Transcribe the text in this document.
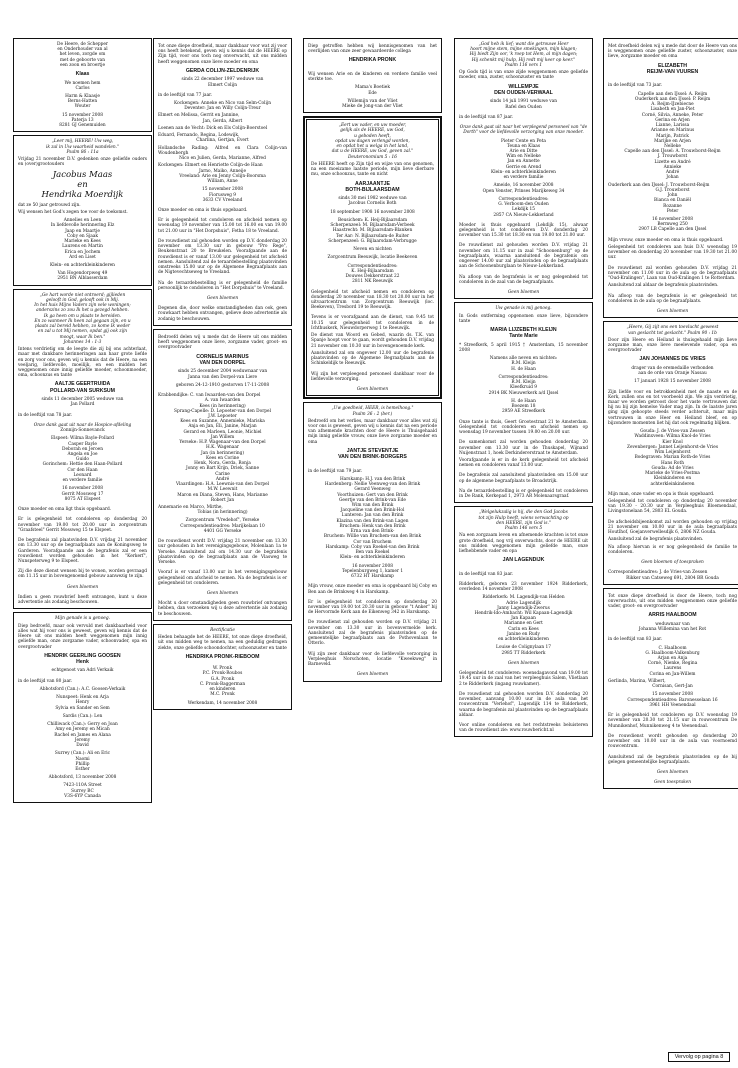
De Heere, de Schepper
en Onderhouder van al
het leven, zorgde om
met de geboorte van
een zoon en broertje
Klaas
We noemen hem
Carlos
Harm & Klaasje
Berns-Hatten
Wouter
15 november 2008
Paterja 13
8281 GJ Genemuiden
„Leer mij, HEERE! Uw weg,
ik zal in Uw waarheid wandelen."
Psalm 86 : 11a
Vrijdag 21 november D.V. gedenken onze geliefde ouders en (over)grootouders
Jacobus Maas
en
Hendrika Moerdijk
dat ze 50 jaar getrouwd zijn.
Wij wensen het God's zegen toe voor de toekomst.
Annelies en Leen
In liefdevolle herinnering Elz
Jaap en Maartje
Coby en Sjaak
Marieke en Kees
Laurens en Martin
Erica en Jochem
Ard en Liset
Klein- en achterkleinkinderen
Van Hogendorpweg 49
2951 BN Alblasserdam
„Ge hart worde niet ontroerd; gijlieden
gelooft in God, gelooft ook in Mij.
In het huis Mijns Vaders zijn vele woningen;
anderszins zo zou Ik het u gezegd hebben.
Ik ga heen om u plaats te bereiden.
En zo wanneer Ik heen zal gegaan zijn, en u
plaats zal bereid hebben, zo kome Ik weder
en zal u tot Mij nemen, opdat gij ook zijn
moogt, waar Ik ben."
Johannes 14 : 1-3
Intens verdrietig om de leegte die zij bij ons achterlaat, maar met dankbare herinneringen aan haar grote liefde en zorg voor ons, geven wij u kennis dat de Heere, na een veeljarig, liefdevolle, moeilijk, en een midden het weggenomen onze innig geliefde moeder, schoonmoeder, oma, schoonzus en tante
AALTJE GEERTRUIDA
POLLARD-VAN SURKSUM
sinds 11 december 2005 weduwe van
Jan Pollard
in de leeftijd van 78 jaar.
Onze dank gaat uit naar de Hospice-afdeling
Zonnijn-Sonnevanck
Elspeet: Wilma Bayle-Pollard
Casper Bayle
Deborah en Jeroen
Angela en Joe
Guido
Gorinchem: Hettie den Haan-Pollard
Cor den Haan
Leonard
en verdere familie
16 november 2008
Gerrit Mossweg 17
8075 AT Elspeet
Onze moeder en oma ligt thuis opgebaard.
Er is gelegenheid tot condoleren op donderdag 20 november van 19.00 tot 20.00 uur in zorgcentrum "Graafsteel" Gerrit Mossweg 15 te Elspeet.
De begrafenis zal plaatsvinden D.V. vrijdag 21 november om 13.30 uur op de begraafplaats aan de Koningsweg te Garderen. Voorafgaande aan de begrafenis zal er een rouwdienst worden gehouden in het "Kerkerf", Nunspeterweg 9 te Elspeet.
Zij die deze dienst wensen bij te wonen, worden gevraagd om 11.15 uur in bovengenoemd gebouw aanwezig te zijn.
Geen bloemen
Indien u geen rouwbrief heeft ontvangen, kunt u deze advertentie als zodanig beschouwen.
Mijn genade is u genoeg.
Diep bedroefd, maar ook vervuld met dankbaarheid voor alles wat hij voor ons is geweest, geven wij kennis dat de Heere uit ons midden heeft weggenomen mijn innig geliefde man, onze zorgzame vader, schoonvader, opa en overgrootvader
HENDRIK GEERLING GOOSEN
Henk
echtgenoot van Adri Verkaik
in de leeftijd van 80 jaar.
Abbotsford (Can.): A.C. Goosen-Verkaik
Nunspeet: Henk en Arja
Henry
Sylvia en Sander en Sem
Sardis (Can.): Len
Chilliwack (Can.): Gerry en Joan
Amy en Jeremy en Micah
Rachel en James en Alana
Jeremy
David
Surrey (Can.): Ali en Eric
Naomi
Phillip
Esther
Abbotsford, 13 november 2008
7423-110A Street
Surrey BC
V3S-6YP Canada
Tot onze diepe droefheid, maar dankbaar voor wat zij voor ons heeft betekend, geven wij u kennis dat de HEERE op Zijn tijd, voor ons toch nog onverwacht, uit ons midden heeft weggenomen onze lieve moeder en oma
GERDA COLIJN-ZELDENRIJK
sinds 22 december 1997 weduwe van
Elmert Colijn
in de leeftijd van 77 jaar.
Kockengen: Anneke en Nico van Selm-Colijn
Deventer: Jan en Willy Colijn-Treur
Elmert en Melissa, Gerrit en Jannine,
Jan, Gerda, Albert
Loenen aan de Vecht: Dick en Els Colijn-Boerstoel
Eduard, Fernando, Regina, Lodewijk,
Charlina, Gertjan, Evert
Hollandsche Rading: Alfred en Clara Colijn-van Woudenbergh
Nico en Julien, Gerda, Marianne, Alfred
Kockengen: Elmert en Henriette Colijn-de Haan
Jarno, Maiko, Anneije
Vreeland: Arie en Jenny Colijn-Boorsma
William, Anne
15 november 2008
Fiorusweg 9
3633 CV Vreeland
Onze moeder en oma is thuis opgebaard.
Er is gelegenheid tot condoleren en afscheid nemen op woensdag 19 november van 15.00 tot 16.00 en van 19.00 tot 21.00 uur in "Het Dorpshuis", Fetha 18 te Vreeland.
De rouwdienst zal gehouden worden op D.V. donderdag 20 november om 13.30 uur in gebouw "Pro Rege", Beukenstraat 20 te Breukelen. Voorafgaande aan de rouwdienst is er vanaf 13.00 uur gelegenheid tot afscheid nemen. Aansluitend zal de teraardebestelling plaatsvinden omstreeks 15.00 uur op de Algemene Begraafplaats aan de Nigtevechtseweg te Vreeland.
Na de teraardebestelling is er gelegenheid de familie persoonlijk te condoleren in "Het Dorpshuis" te Vreeland.
Geen bloemen
Degenen die, door welke omstandigheden dan ook, geen rouwkaart hebben ontvangen, gelieve deze advertentie als zodanig te beschouwen.
Bedroefd delen wij u mede dat de Heere uit ons midden heeft weggenomen onze lieve, zorgzame vader, groot- en overgrootvader
CORNELIS MARINUS
VAN DEN DORPEL
sinds 25 december 2004 weduwnaar van
Janna van den Dorpel-van Liere
geboren 24-12-1910 gestorven 17-11-2008
Krabbendijke: C. van Iwaarden-van den Dorpel
A. van Iwaarden
Kees (in herinnering)
Sprang-Capelle: D. Lepoeter-van den Dorpel
J.W. Lepoeter
Kees en Suzanne, Annemieke, Mariska
Anja en Jan, Eli, Janine, Marjan
Gerard en Marleen, Leonie, Michiel
Jan Willem
Yerseke: H.P. Wagenaar-van den Dorpel
H.K. Wagenaar
Jan (in herinnering)
Kees en Corine
Henk, Nora, Gerda, Ronja
Jonny en Bart Krijn, Driek, Sanne
Carine
André
Vlaardingen: H.A. Leewnis-van den Dorpel
M.W. Leewnit
Maron en Diana, Steven, Hans, Marianne
Robert Jan
Annemarie en Marco, Mirthe,
Tobias (in herinnering)
Zorgcentrum "Vredehof", Yerseke
Correspondentieadres: Marijkelaan 10
4401 GG Yerseke
De rouwdienst wordt D.V. vrijdag 21 november om 13.30 uur gehouden in het verenigingsgebouw, Molenlaan 1a te Yerseke. Aansluitend zal om 14.30 uur de begrafenis plaatsvinden op de begraafplaats aan de Vlasweg te Yerseke.
Vooraf is er vanaf 13.00 uur in het verenigingsgebouw gelegenheid om afscheid te nemen. Na de begrafenis is er gelegenheid tot condoleren.
Geen bloemen
Mocht u door omstandigheden geen rouwbrief ontvangen hebben, dan verzoeken wij u deze advertentie als zodanig te beschouwen.
Rectificatie
Heden behaagde het de HEERE, tot onze diepe droefheid, uit ons midden weg te nemen, na een geduldig gedragen ziekte, onze geliefde schoondochter, schoonzuster en tante
HENDRIKA PRONK-RIEBOOM
W. Pronk
P.C. Pronk-Roubos
G.A. Pronk
C. Pronk-Baggerman
en kinderen
M.C. Pronk
Werkendam, 14 november 2008
Diep getroffen hebben wij kennisgenomen van het overlijden van onze zeer gewaardeerde collega
HENDRIKA PRONK
Wij wensen Arie en de kinderen en verdere familie veel sterkte toe.
Mama's Boetiek
Ede
Willemijn van der Vliet
Mieke de Jong-van der Vliet
„Eert uw vader, en uw moeder,
gelijk als de HEERE, uw God,
u geboden heeft,
opdat uw dagen verlengd worden,
en opdat het u welga in het land,
dat u de HEERE, uw God, geven zal."
Deuteronomium 5 : 16
De HEERE heeft op Zijn tijd en wijze van ons genomen, na een moeizame laatste periode, mijn lieve dierbare mu, onze schoonzus, tante en nicht
AARJAANTJE
BOTH-BIJLAARSDAM
sinds 30 mei 1982 weduwe van
Jacobus Cornelis Both
18 september 1908 16 november 2008
Beusichem: K. Heij-Bijlaarsdam
Scherpenzeel: M. Bijlaarsdam-Verbeek
Haastrecht: M. Bijlaarsdam-Blanken
Ter Aar: N. Bijlaarsdam-de Ruiter
Scherpenzeel: G. Bijlaarsdam-Verbrugge
Neven en nichten
Zorgcentrum Beeuwijk, locatie Beekeven
Correspondentieadres:
K. Heij-Bijlaarsdam
Douwes Dekkerstraat 22
2811 NK Reeuwijk
Gelegenheid tot afscheid nemen en condoleren op donderdag 20 november van 18.30 tot 20.00 uur in het uitvaartcentrum van Zorgcentrum Reeuwijk (loc. Beekeven), Tresbord 19 te Reeuwijk.
Tevens is er voorafgaand aan de dienst, van 9.45 tot 10.15 uur gelegenheid tot condoleren in de Ichthuskerk, Nieuwdorperweg 1 te Reeuwijk.
De dienst van Woord en Gebed, waarin ds. T.K. van Spanje hoopt voor te gaan, wordt gehouden D.V. vrijdag 21 november om 10.30 uur in bovengenoemde kerk.
Aansluitend zal om ongeveer 12.00 uur de begrafenis plaatsvinden op de Algemene Begraafplaats aan de Schinkeldijk te Reeuwijk.
Wij zijn het verpleegend personeel dankbaar voor de liefdevolle verzorging.
Geen bloemen
„Uw goedheid, HEER, is hemelhoog."
Psalm 36 : 2 (ber.)
Bedroefd om het verlies, maar dankbaar voor alles wat zij voor ons is geweest, geven wij u kennis dat na een periode van afnemende krachten door de Heere is Thuisgehaald mijn innig geliefde vrouw, onze lieve zorgzame moeder en oma
JANTJE STEVENTJE
VAN DEN BRINK-BORGERS
in de leeftijd van 79 jaar.
Harskamp: H.J. van den Brink
Hardenberg: Nellie Veenweg-van den Brink
Gerard Veenweg
Voorthuizen: Gert van den Brink
Geertje van den Brink-van Ede
Wim van den Brink
Jacqueline van den Brink-Hol
Lunteren: Jan van den Brink
Klazina van den Brink-van Lagen
Bruchem: Henk van den Brink
Erna van den Brink-
Bruchem: Willie van Bruchem-van den Brink
Cor van Bruchem
Harskamp: Coby van Roekel-van den Brink
Ben van Roekel
Klein- en achterkleinkinderen
16 november 2008
Tepelenburgweg 1, kamer 1
6732 HT Harskamp
Mijn vrouw, onze moeder en oma is opgebaard bij Coby en Ben aan de Brinkweg 4 in Harskamp.
Er is gelegenheid tot condoleren op donderdag 20 november van 19.00 tot 20.30 uur in gebouw "t Anker" bij de Hervormde Kerk aan de Eikenweg 342 in Harskamp.
De rouwdienst zal gehouden worden op D.V. vrijdag 21 november om 13.30 uur in bovenvermelde kerk. Aansluitend zal de begrafenis plaatsvinden op de gemeentelijke begraafplaats aan de Pothovenlaan te Otterlo.
Wij zijn zeer dankbaar voor de liefdevolle verzorging in Verpleeghuis Norschoten, locatie "Kweekweg" in Barneveld.
Geen bloemen
„God heb ik lief; want die getrouwe Heer
hoort mijne stem, mijne smekingen, mijn klagen;
Hij biedt Zijn oor, 'k roep tot Hem, al mijn dagen;
Hij schenkt mij hulp, Hij redt mij keer op keer."
Psalm 116 vers 1
Op Gods tijd is van onze zijde weggenomen onze geliefde moeder, oma, zuster, schoonzuster en tante
WILLEMPJE
DEN OUDEN-VERWAAL
sinds 14 juli 1991 weduwe van
Rafel den Ouden
in de leeftijd van 87 jaar.
Onze dank gaat uit naar het verplegend personeel van "de Dorth" voor de liefdevolle verzorging van onze moeder.
Pieter Cente en Peta
Teuna en Klaas
Arie en Ditte
Wim en Nelleke
Jan en Annette
Gerrie en Arend
Klein- en achterkleinkinderen
en verdere familie
Ameide, 16 november 2008
Open Venster, Prinses Marijkeweg 34
Correspondentieadres:
G. Verboom-den Ouden
Lekdijk 15
2857 CA Nieuw-Lekkerland
Moeder is thuis opgebaard (Lekdijk 15), alwaar gelegenheid is tot condoleren D.V. donderdag 20 november van 15.30 tot 18.30 en van 19.00 tot 21.00 uur.
De rouwdienst zal gehouden worden D.V. vrijdag 21 november om 11.15 uur in zaal "Schoonenburg" op de begraafplaats, waarna aansluitend de begrafenis om ongeveer 14.00 uur zal plaatsvinden op de begraafplaats aan de Schoonenburglaan te Nieuw-Lekkerland.
Na afloop van de begrafenis is er nog gelegenheid tot condoleren in de zaal van de begraafplaats.
Geen bloemen
Uw genade is mij genoeg.
In Gods ontferming opgenomen onze lieve, bijzondere tante
MARIA LIJZEBETH KLEIJN
Tante Marie
* Streefkerk, 5 april 1915 † Amsterdam, 15 november 2008
Namens alle neven en nichten:
R.M. Kleijn
H. de Haan
Correspondentieadres:
R.M. Kleijn
Kleefkruid 9
2914 BK Nieuwerkerk a/d IJssel
H. de Haan
Boezem 18
2959 AE Streefkerk
Onze tante is thuis, Geert Grootestraat 21 te Amsterdam. Gelegenheid tot condoleren en afscheid nemen op woensdag 19 november tussen 19.00 en 20.00 uur.
De samenkomst zal worden gehouden donderdag 20 november om 13.30 uur in de Thuskapel, Wijnand Nuijenstraat 1, hoek Derkindererstraat te Amsterdam.
Voorafgaande is er in de kerk gelegenheid tot afscheid nemen en condoleren vanaf 13.00 uur.
De begrafenis zal aansluitend plaatsvinden om 15.00 uur op de algemene begraafplaats te Broadstrijk.
Na de teraardebestelling is er gelegenheid tot condoleren in De Rank, Kerkepad 1, 2973 AR Molenaarsgraaf.
„Welgelukzalig is hij, die den God Jacobs
tot zijn Hulp heeft, wiens verwachting op
den HEERE, zijn God is."
Psalm 146 vers 5
Na een zorgzaam leven en afnemende krachten is tot onze grote droefheid, nog vrij onverwachts, door de HEERE uit ons midden weggenomen mijn geliefde man, onze liefhebbende vader en opa
JAN LAGENDIJK
in de leeftijd van 83 jaar.
Ridderkerk, geboren 23 november 1924 Ridderkerk, overleden 14 november 2008
Ridderkerk: M. Lagendijk-van Helden
Adrie Lagendijk
Janny Lagendijk-Zwerus
Hendrik-Ido-Ambacht: Wil Kapaan-Lagendijk
Jan Kapaan
Marianne en Gert
Carin en Kees
Janine en Rudy
en achterkleinkinderen
Louise de Colignylaan 17
2985 TT Ridderkerk
Geen bloemen
Gelegenheid tot condoleren: woensdagavond van 19.00 tot 19.45 uur in de zaal van het verpleeghuis Salem, Vlietlaan 2 te Ridderkerk (ingang rouwkamer).
De rouwdienst zal gehouden worden D.V. donderdag 20 november, aanvang 10.00 uur in de aula van het rouwcentrum "Verlehof", Lagendijk 114 te Ridderkerk, waarna de begrafenis zal plaatsvinden op de begraafplaats aldaar.
Voor online condoleren en het rechtstreeks beluisteren van de rouwdienst zie: www.rouwbericht.nl
Met droefheid delen wij u mede dat door de Heere van ons is weggenomen onze geliefde zuster, schoonzuster, onze lieve, zorgzame moeder en oma
ELIZABETH
REIJM-VAN VUUREN
in de leeftijd van 73 jaar.
Capelle aan den IJssel: A. Reijm
Ouderkerk aan den IJssel: P. Reijm
A. Reijm-IJzebiecne
Lisabeth en Jan-Piet
Corné, Silvia, Anneke, Peter
Gerina en Arjen
Lianne, Larissa
Arianne en Marinus
Marijn, Patrick
Marijke en Arjen
Nelleke
Capelle aan den IJssel: A. Trouwborst-Reijm
J. Trouwborst
Lizette en André
Annieke
André
Johan
Ouderkerk aan den IJssel: J. Trouwborst-Reijm
G.J. Trouwborst
John
Bianca en Daniël
Rozanne
Peter
16 november 2008
Bermweg 250
2907 LB Capelle aan den IJssel
Mijn vrouw, onze moeder en oma is thuis opgebaard.
Gelegenheid tot condoleren aan huis D.V. woensdag 19 november en donderdag 20 november van 19.30 tot 21.00 uur.
De rouwdienst zal worden gehouden D.V. vrijdag 21 november om 11.00 uur in de aula op de begraafplaats "Oud-Kralingen", Laan van Oud-Kralingen 1 te Rotterdam.
Aansluitend zal aldaar de begrafenis plaatsvinden.
Na afloop van de begrafenis is er gelegenheid tot condoleren in de aula op de begraafplaats.
Geen bloemen
„Heere, Gij zijt ons een toevlucht geweest
van geslacht tot geslacht." Psalm 90 : 1b
Door zijn Heere en Heiland is thuisgehaald mijn lieve zorgzame man, onze lieve meelevende vader, opa en overgrootvader
JAN JOHANNES DE VRIES
drager van de eremedaille verbonden
aan de orde van Oranje Nassau
17 januari 1928 15 november 2008
Zijn liefde voor en betrokkenheid met de naaste en de Kerk, zullen ons en tot voorbeeld zijn. We zijn verdrietig, maar we worden getroost door het vaste vertrouwen dat hij nu bij zijn hemelse Vader mag zijn. In de laatste jaren ging zijn gehoopte steeds verder achteruit, maar mijn vertrouwen in onze Heer en Heiland bleef, en op bijzondere momenten liet hij dat ook regelmatig blijken.
Gouda: J. de Vries-van Zessen
Waddinxveen: Wilma Knol-de Vries
Kier Knol
Zevenbergen: Jannet Leijenhorst-de Vries
Wim Leijenhorst
Bodegraven: Marian Roth-de Vries
Hans Roth
Gouda: Ad de Vries
Marieke de Vries-Postma
Kleinkinderen en
achterkleinkinderen
Mijn man, onze vader en opa is thuis opgebaard.
Gelegenheid tot condoleren op donderdag 20 november van 19.30 - 20.30 uur in Verpleeghuis Bloemendaal, Livingstonelaan 54, 2803 EL Gouda.
De afscheidsbijeenkomst zal worden gehouden op vrijdag 21 november om 10.00 uur in de aula begraafplaats Houtlhof, Goejanverwellesdijk 6, 2806 NZ Gouda.
Aansluitend zal de begrafenis plaatsvinden.
Na afloop hiervan is er nog gelegenheid de familie te condoleren.
Geen bloemen of toespraken
Correspondentieadres: J. de Vries-van Zessen
Rikker van Catseweg 691, 2804 BR Gouda
Tot onze diepe droefheid is door de Heere, toch nog onverwachts, uit ons midden weggenomen onze geliefde vader, groot- en overgrootvader
ARRIS HAALBOOM
weduwnaar van
Johanna Willemina van het Rot
in de leeftijd van 83 jaar.
C. Haalboom
G. Haalboom-Valkenburg
Arjan en Anja
Corné, Nienke, Regina
Laurens
Corina en Jan-Willem
Gerlinda, Marina, Wilbert,
Cornisan, Gert-Jan
15 november 2008
Correspondentieadres: Baronesselaan 16
3961 HH Veenendaal
Er is gelegenheid tot condoleren op D.V. woensdag 19 november van 20.30 tot 21.15 uur in rouwcentrum De Munnikenhof, Munnikenweg 4 te Veenendaal.
De rouwdienst wordt gehouden op donderdag 20 november om 10.00 uur in de aula van voornoemd rouwcentrum.
Aansluitend zal de begrafenis plaatsvinden op de bij gelegen gemeentelijke begraafplaats.
Geen bloemen
Geen toespraken
Vervolg op pagina 8
